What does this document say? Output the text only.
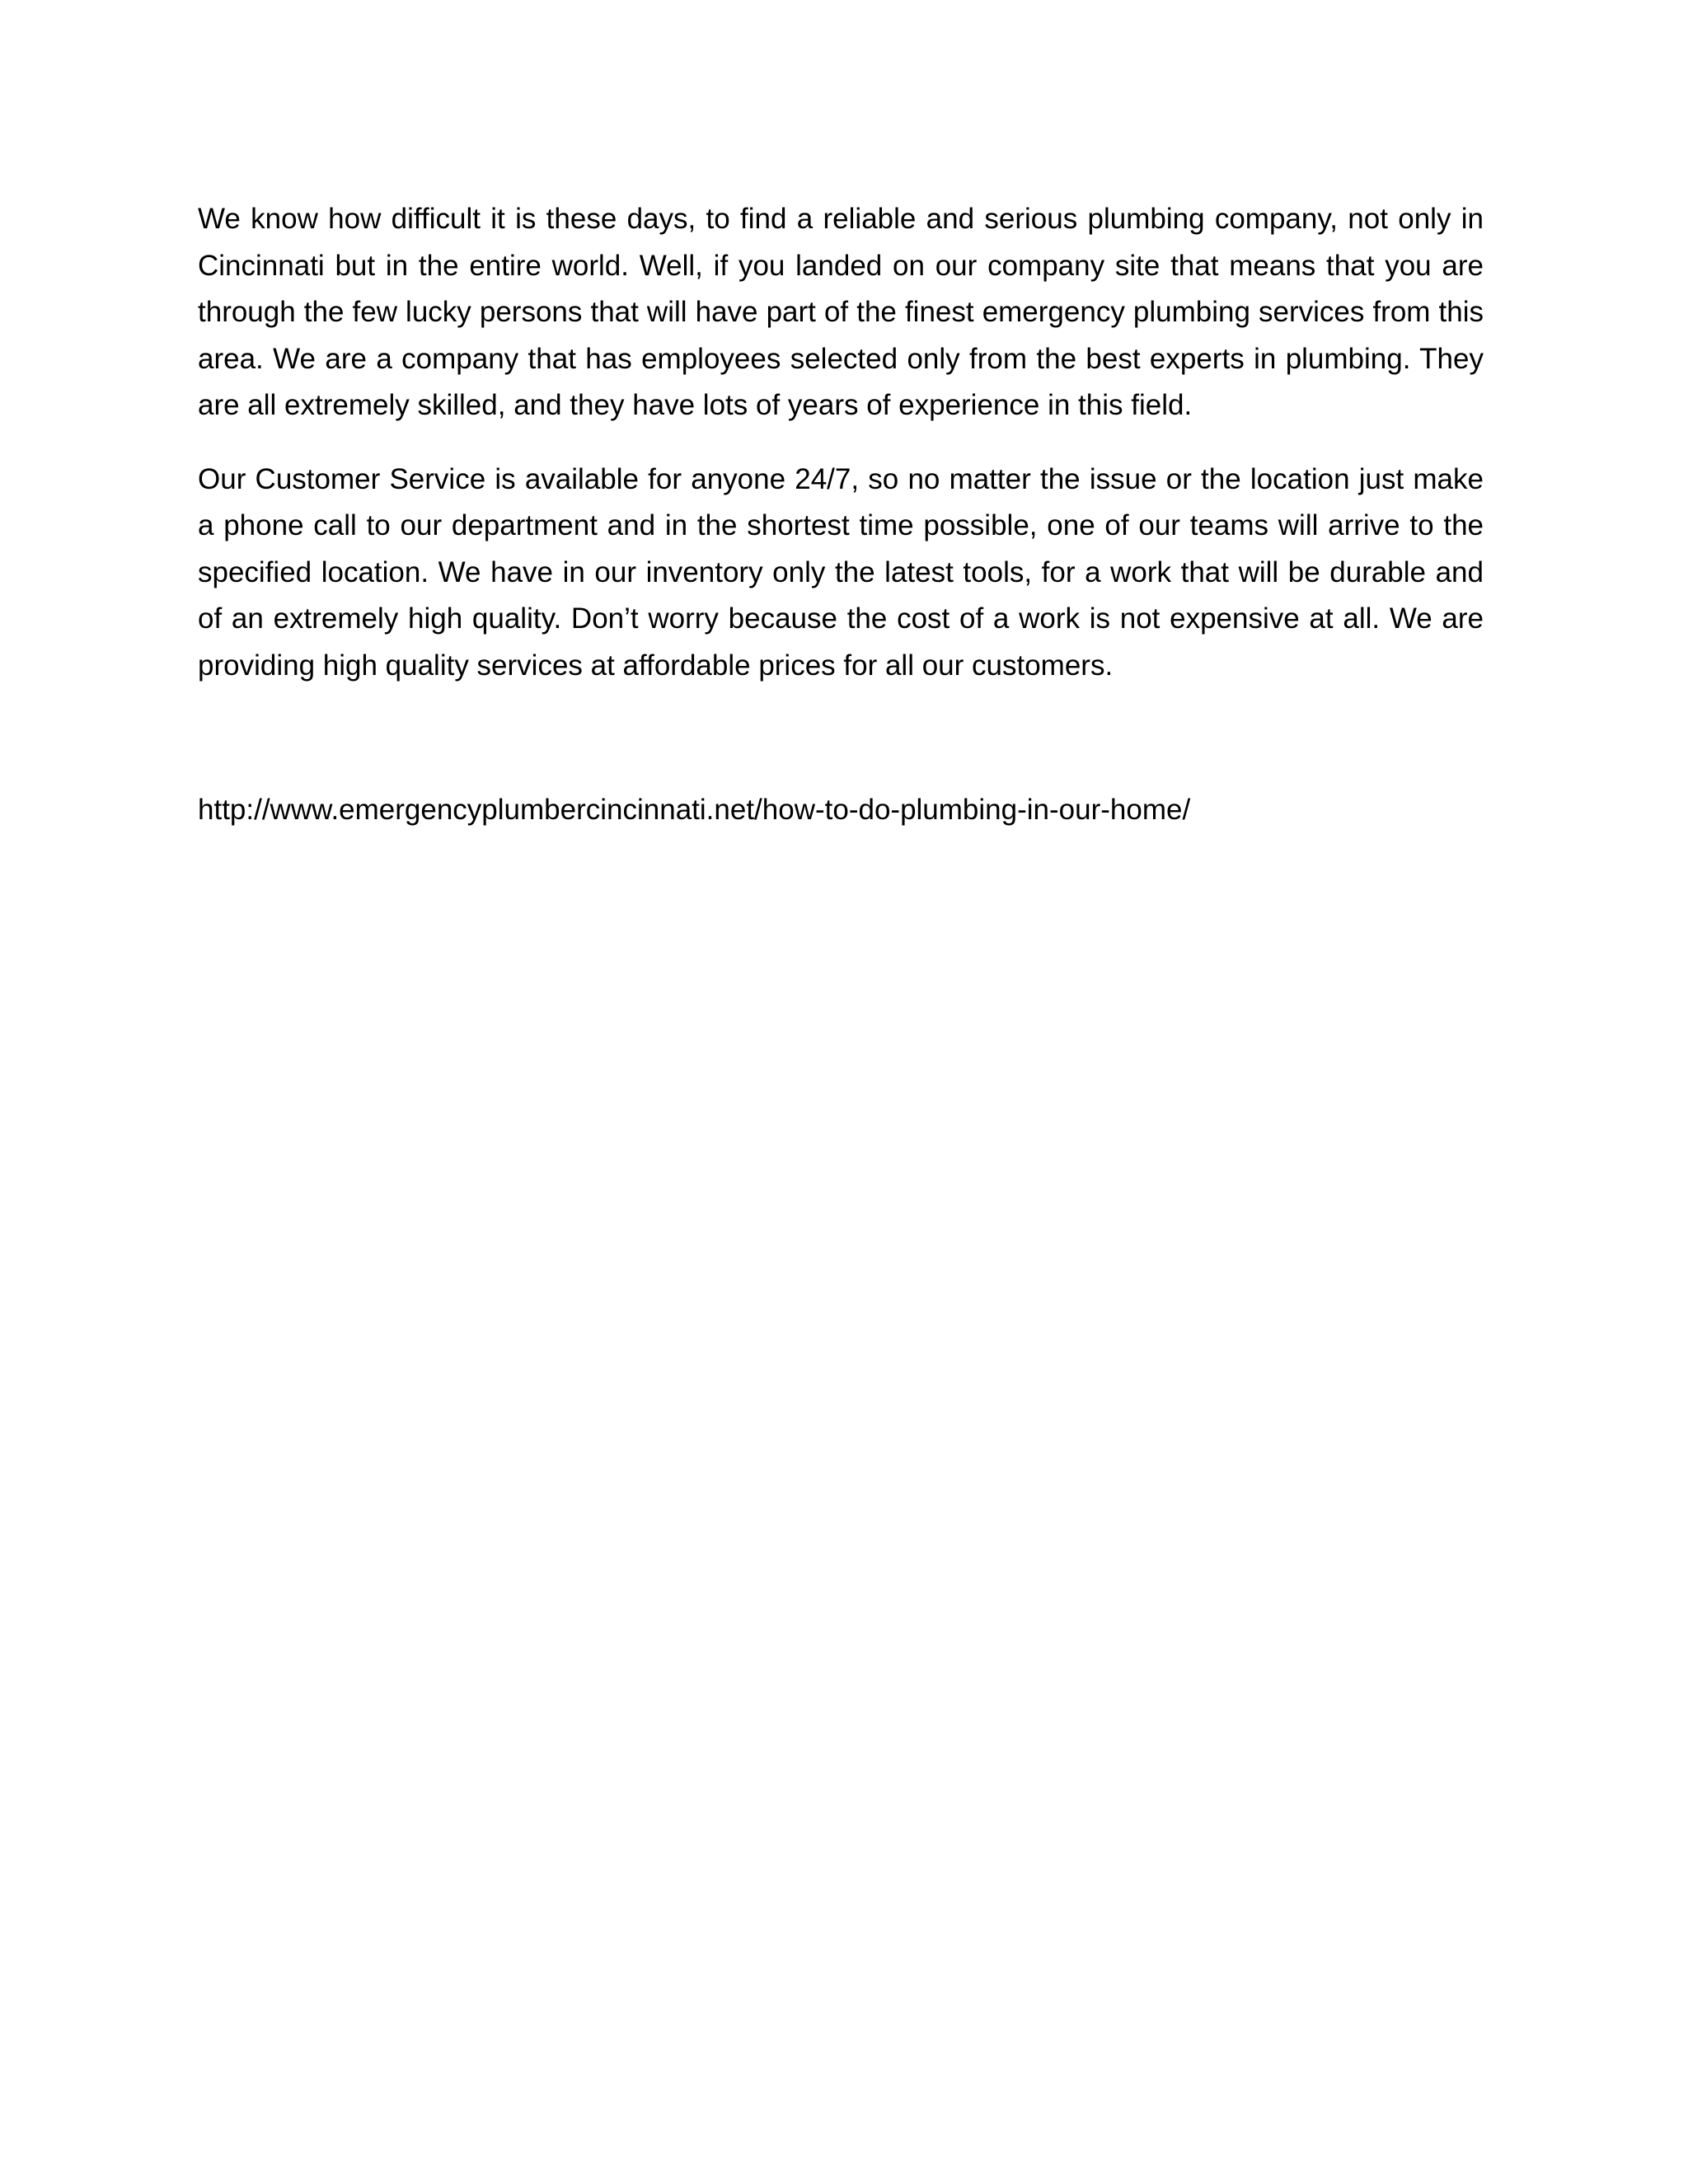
We know how difficult it is these days, to find a reliable and serious plumbing company, not only in Cincinnati but in the entire world. Well, if you landed on our company site that means that you are through the few lucky persons that will have part of the finest emergency plumbing services from this area. We are a company that has employees selected only from the best experts in plumbing. They are all extremely skilled, and they have lots of years of experience in this field.

Our Customer Service is available for anyone 24/7, so no matter the issue or the location just make a phone call to our department and in the shortest time possible, one of our teams will arrive to the specified location. We have in our inventory only the latest tools, for a work that will be durable and of an extremely high quality. Don’t worry because the cost of a work is not expensive at all. We are providing high quality services at affordable prices for all our customers.

http://www.emergencyplumbercincinnati.net/how-to-do-plumbing-in-our-home/
